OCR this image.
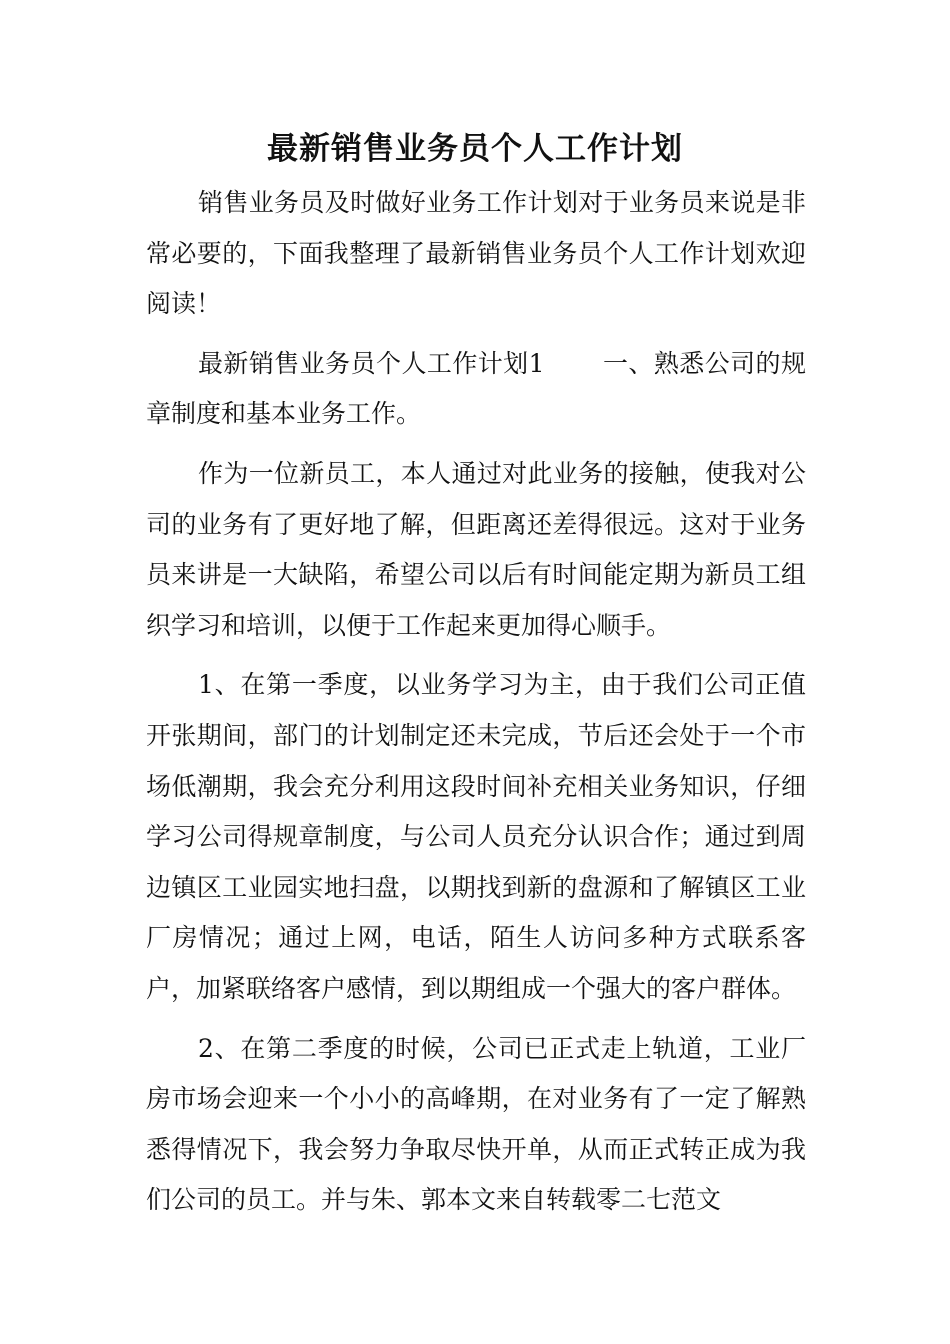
最新销售业务员个人工作计划

销售业务员及时做好业务工作计划对于业务员来说是非常必要的，下面我整理了最新销售业务员个人工作计划欢迎阅读！

最新销售业务员个人工作计划1 一、熟悉公司的规章制度和基本业务工作。

作为一位新员工，本人通过对此业务的接触，使我对公司的业务有了更好地了解，但距离还差得很远。这对于业务员来讲是一大缺陷，希望公司以后有时间能定期为新员工组织学习和培训，以便于工作起来更加得心顺手。

1、在第一季度，以业务学习为主，由于我们公司正值开张期间，部门的计划制定还未完成，节后还会处于一个市场低潮期，我会充分利用这段时间补充相关业务知识，仔细学习公司得规章制度，与公司人员充分认识合作；通过到周边镇区工业园实地扫盘，以期找到新的盘源和了解镇区工业厂房情况；通过上网，电话，陌生人访问多种方式联系客户，加紧联络客户感情，到以期组成一个强大的客户群体。

2、在第二季度的时候，公司已正式走上轨道，工业厂房市场会迎来一个小小的高峰期，在对业务有了一定了解熟悉得情况下，我会努力争取尽快开单，从而正式转正成为我们公司的员工。并与朱、郭本文来自转载零二七范文
